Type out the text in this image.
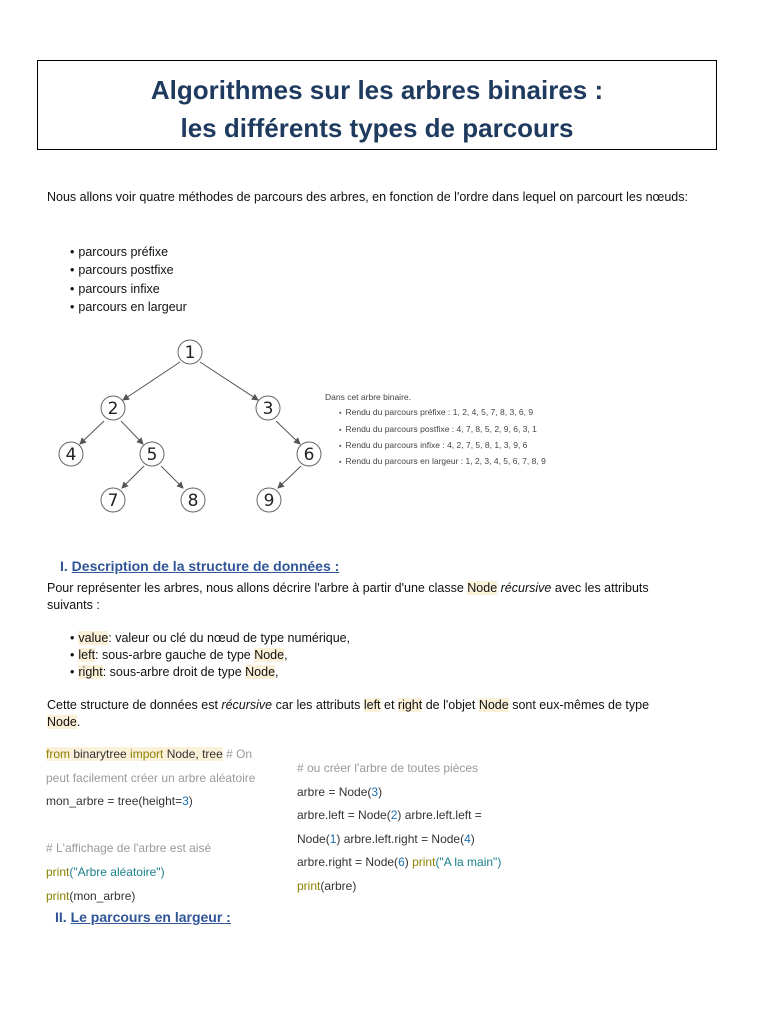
Algorithmes sur les arbres binaires :
les différents types de parcours
Nous allons voir quatre méthodes de parcours des arbres, en fonction de l'ordre dans lequel on parcourt les nœuds:
• parcours préfixe
• parcours postfixe
• parcours infixe
• parcours en largeur
1
2	3
4	5	6
7	8	9
Dans cet arbre binaire.
▪ Rendu du parcours préfixe : 1, 2, 4, 5, 7, 8, 3, 6, 9
▪ Rendu du parcours postfixe : 4, 7, 8, 5, 2, 9, 6, 3, 1
▪ Rendu du parcours infixe : 4, 2, 7, 5, 8, 1, 3, 9, 6
▪ Rendu du parcours en largeur : 1, 2, 3, 4, 5, 6, 7, 8, 9
I. Description de la structure de données :
Pour représenter les arbres, nous allons décrire l'arbre à partir d'une classe Node récursive avec les attributs suivants :
• value: valeur ou clé du nœud de type numérique,
• left: sous-arbre gauche de type Node,
• right: sous-arbre droit de type Node,
Cette structure de données est récursive car les attributs left et right de l'objet Node sont eux-mêmes de type Node.
from binarytree import Node, tree # On
peut facilement créer un arbre aléatoire
mon_arbre = tree(height=3)
# L'affichage de l'arbre est aisé
print("Arbre aléatoire")
print(mon_arbre)
# ou créer l'arbre de toutes pièces
arbre = Node(3)
arbre.left = Node(2) arbre.left.left =
Node(1) arbre.left.right = Node(4)
arbre.right = Node(6) print("A la main")
print(arbre)
II. Le parcours en largeur :
